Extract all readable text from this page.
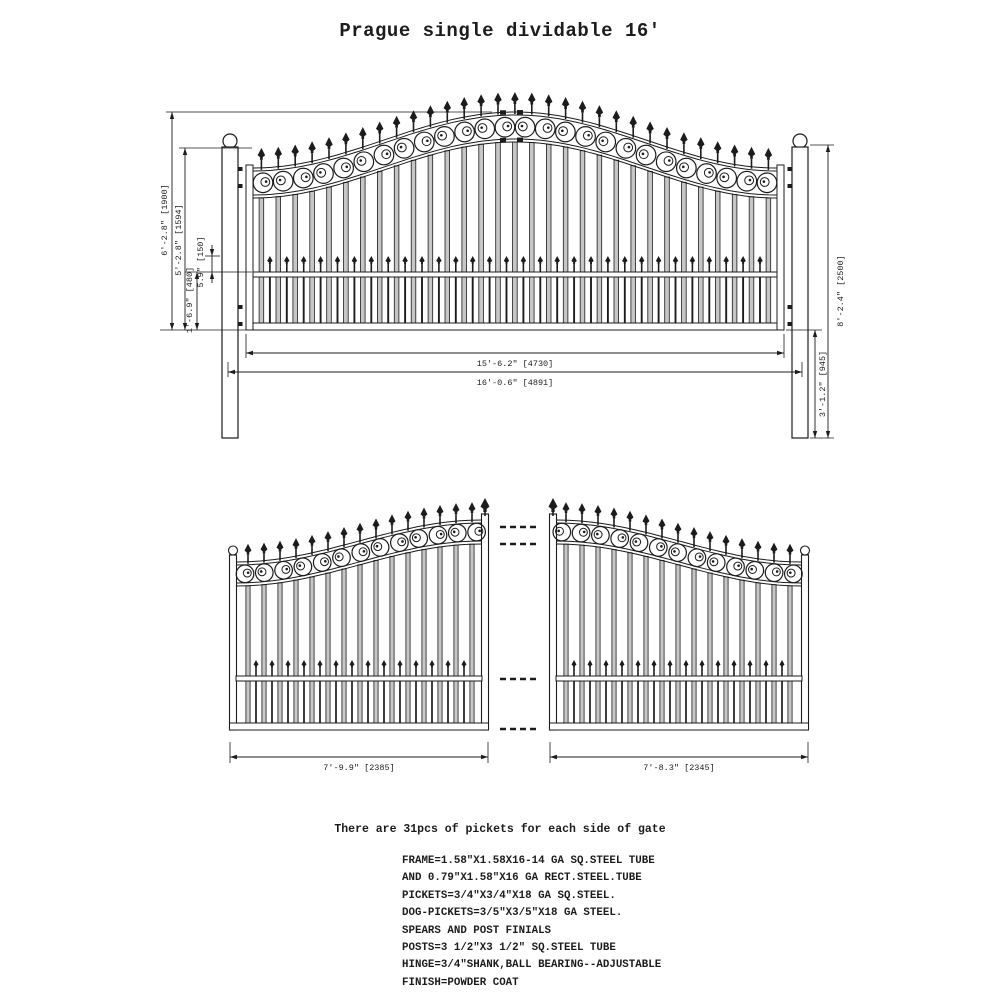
Prague single dividable 16'
6'-2.8" [1900] 5'-2.8" [1594] 5.9" [150]
1'-6.9" [480]	8'-2.4" [2500]
3'-1.2" [945]
15'-6.2" [4730]
16'-0.6" [4891]
7'-9.9" [2385]	7'-8.3" [2345]
There are 31pcs of pickets for each side of gate
FRAME=1.58"X1.58X16-14 GA SQ.STEEL TUBE
AND 0.79"X1.58"X16 GA RECT.STEEL.TUBE
PICKETS=3/4"X3/4"X18 GA SQ.STEEL.
DOG-PICKETS=3/5"X3/5"X18 GA STEEL.
SPEARS AND POST FINIALS
POSTS=3 1/2"X3 1/2" SQ.STEEL TUBE
HINGE=3/4"SHANK,BALL BEARING--ADJUSTABLE
FINISH=POWDER COAT
